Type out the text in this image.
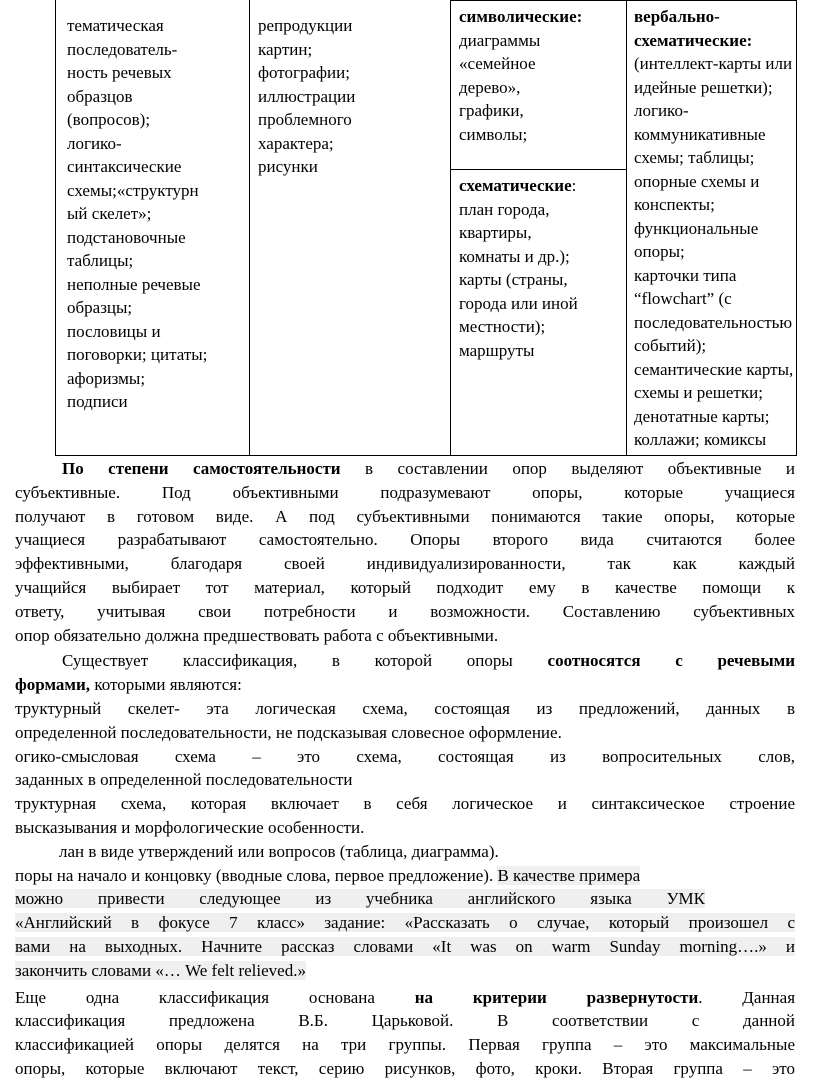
тематическая
последователь-
ность речевых
образцов
(вопросов);
логико-
синтаксические
схемы;«структурн
ый скелет»;
подстановочные
таблицы;
неполные речевые
образцы;
пословицы и
поговорки; цитаты;
афоризмы;
подписи
репродукции
картин;
фотографии;
иллюстрации
проблемного
характера;
рисунки
символические:
диаграммы
«семейное
дерево»,
графики,
символы;
схематические:
план города,
квартиры,
комнаты и др.);
карты (страны,
города или иной
местности);
маршруты
вербально-
схематические:
(интеллект-карты или
идейные решетки);
логико-
коммуникативные
схемы; таблицы;
опорные схемы и
конспекты;
функциональные
опоры;
карточки типа
“flowchart” (с
последовательностью
событий);
семантические карты,
схемы и решетки;
денотатные карты;
коллажи; комиксы
По степени самостоятельности в составлении опор выделяют объективные и
субъективные. Под объективными подразумевают опоры, которые учащиеся
получают в готовом виде. А под субъективными понимаются такие опоры, которые
учащиеся разрабатывают самостоятельно. Опоры второго вида считаются более
эффективными, благодаря своей индивидуализированности, так как каждый
учащийся выбирает тот материал, который подходит ему в качестве помощи к
ответу, учитывая свои потребности и возможности. Составлению субъективных
опор обязательно должна предшествовать работа с объективными.
Существует классификация, в которой опоры соотносятся с речевыми
формами, которыми являются:
труктурный скелет- эта логическая схема, состоящая из предложений, данных в
определенной последовательности, не подсказывая словесное оформление.
огико-смысловая схема – это схема, состоящая из вопросительных слов,
заданных в определенной последовательности
труктурная схема, которая включает в себя логическое и синтаксическое строение
высказывания и морфологические особенности.
лан в виде утверждений или вопросов (таблица, диаграмма).
поры на начало и концовку (вводные слова, первое предложение). В качестве примера
можно привести следующее из учебника английского языка УМК
«Английский в фокусе 7 класс» задание: «Рассказать о случае, который произошел с
вами на выходных. Начните рассказ словами «It was on warm Sunday morning….» и
закончить словами «… We felt relieved.»
Еще одна классификация основана на критерии развернутости. Данная
классификация предложена В.Б. Царьковой. В соответствии с данной
классификацией опоры делятся на три группы. Первая группа – это максимальные
опоры, которые включают текст, серию рисунков, фото, кроки. Вторая группа – это
